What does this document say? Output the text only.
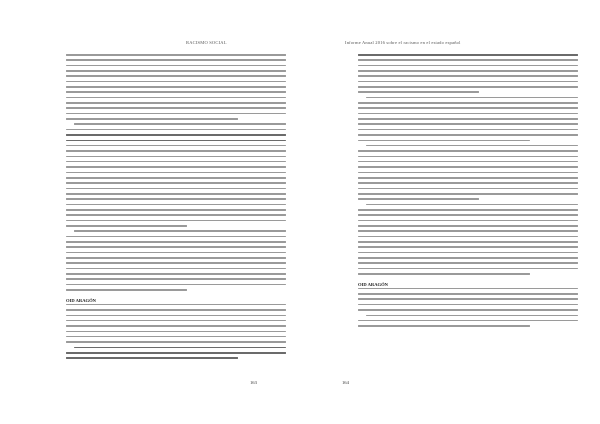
RACISMO SOCIAL
OID ARAGÓN
163
Informe Anual 2016 sobre el racismo en el estado español
OID ARAGÓN
164
